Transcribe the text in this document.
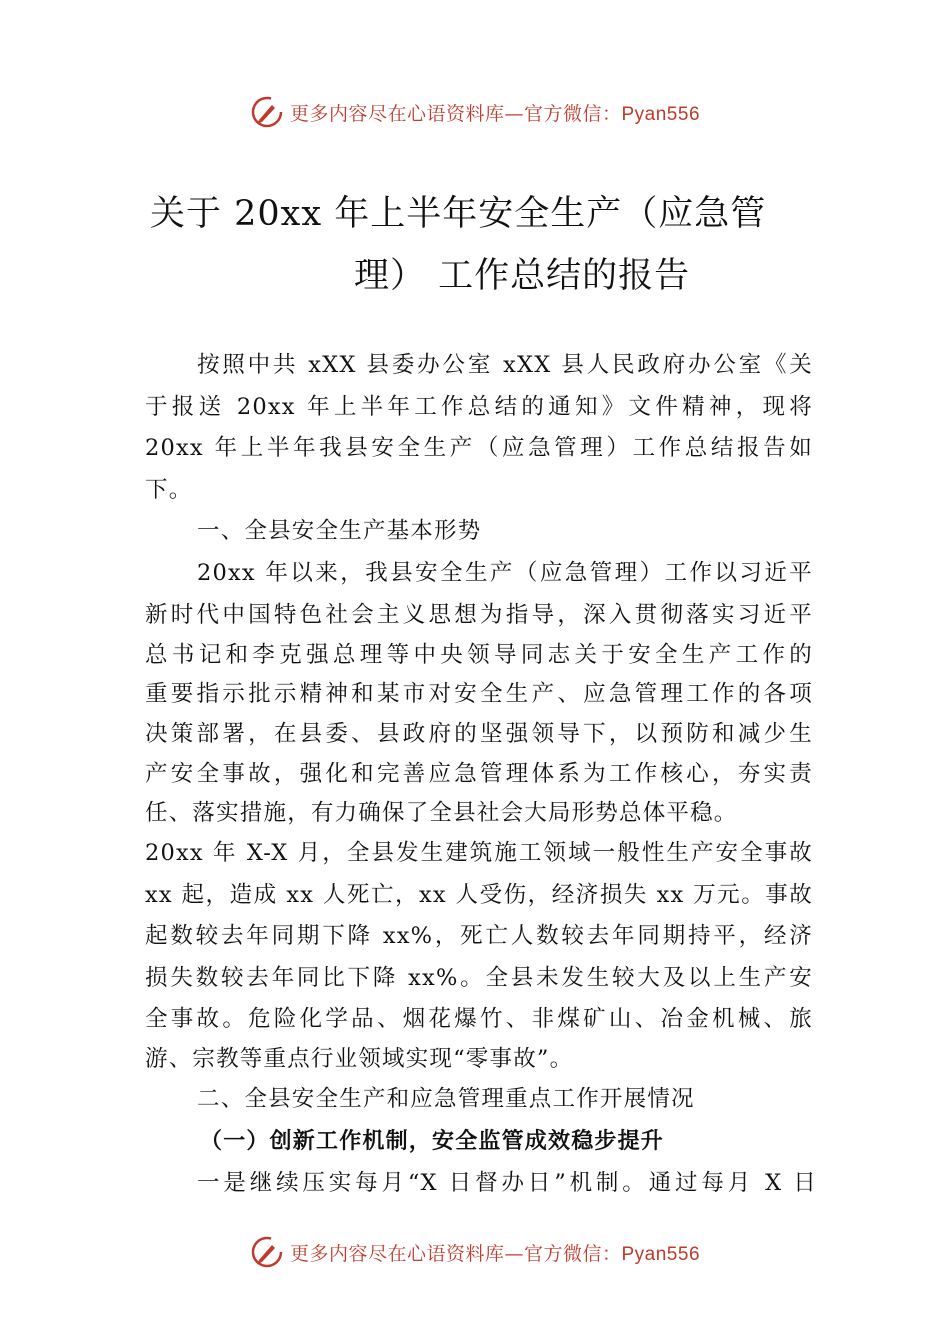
更多内容尽在心语资料库—官方微信：Pyan556
关于 20xx 年上半年安全生产（应急管
理） 工作总结的报告
按照中共 xXX 县委办公室 xXX 县人民政府办公室《关
于报送 20xx 年上半年工作总结的通知》文件精神，现将
20xx 年上半年我县安全生产（应急管理）工作总结报告如
下。
一、全县安全生产基本形势
20xx 年以来，我县安全生产（应急管理）工作以习近平
新时代中国特色社会主义思想为指导，深入贯彻落实习近平
总书记和李克强总理等中央领导同志关于安全生产工作的
重要指示批示精神和某市对安全生产、应急管理工作的各项
决策部署，在县委、县政府的坚强领导下，以预防和减少生
产安全事故，强化和完善应急管理体系为工作核心，夯实责
任、落实措施，有力确保了全县社会大局形势总体平稳。
20xx 年 X-X 月，全县发生建筑施工领域一般性生产安全事故
xx 起，造成 xx 人死亡，xx 人受伤，经济损失 xx 万元。事故
起数较去年同期下降 xx%，死亡人数较去年同期持平，经济
损失数较去年同比下降 xx%。全县未发生较大及以上生产安
全事故。危险化学品、烟花爆竹、非煤矿山、冶金机械、旅
游、宗教等重点行业领域实现“零事故”。
二、全县安全生产和应急管理重点工作开展情况
（一）创新工作机制，安全监管成效稳步提升
一是继续压实每月“X 日督办日”机制。通过每月 X 日
更多内容尽在心语资料库—官方微信：Pyan556
